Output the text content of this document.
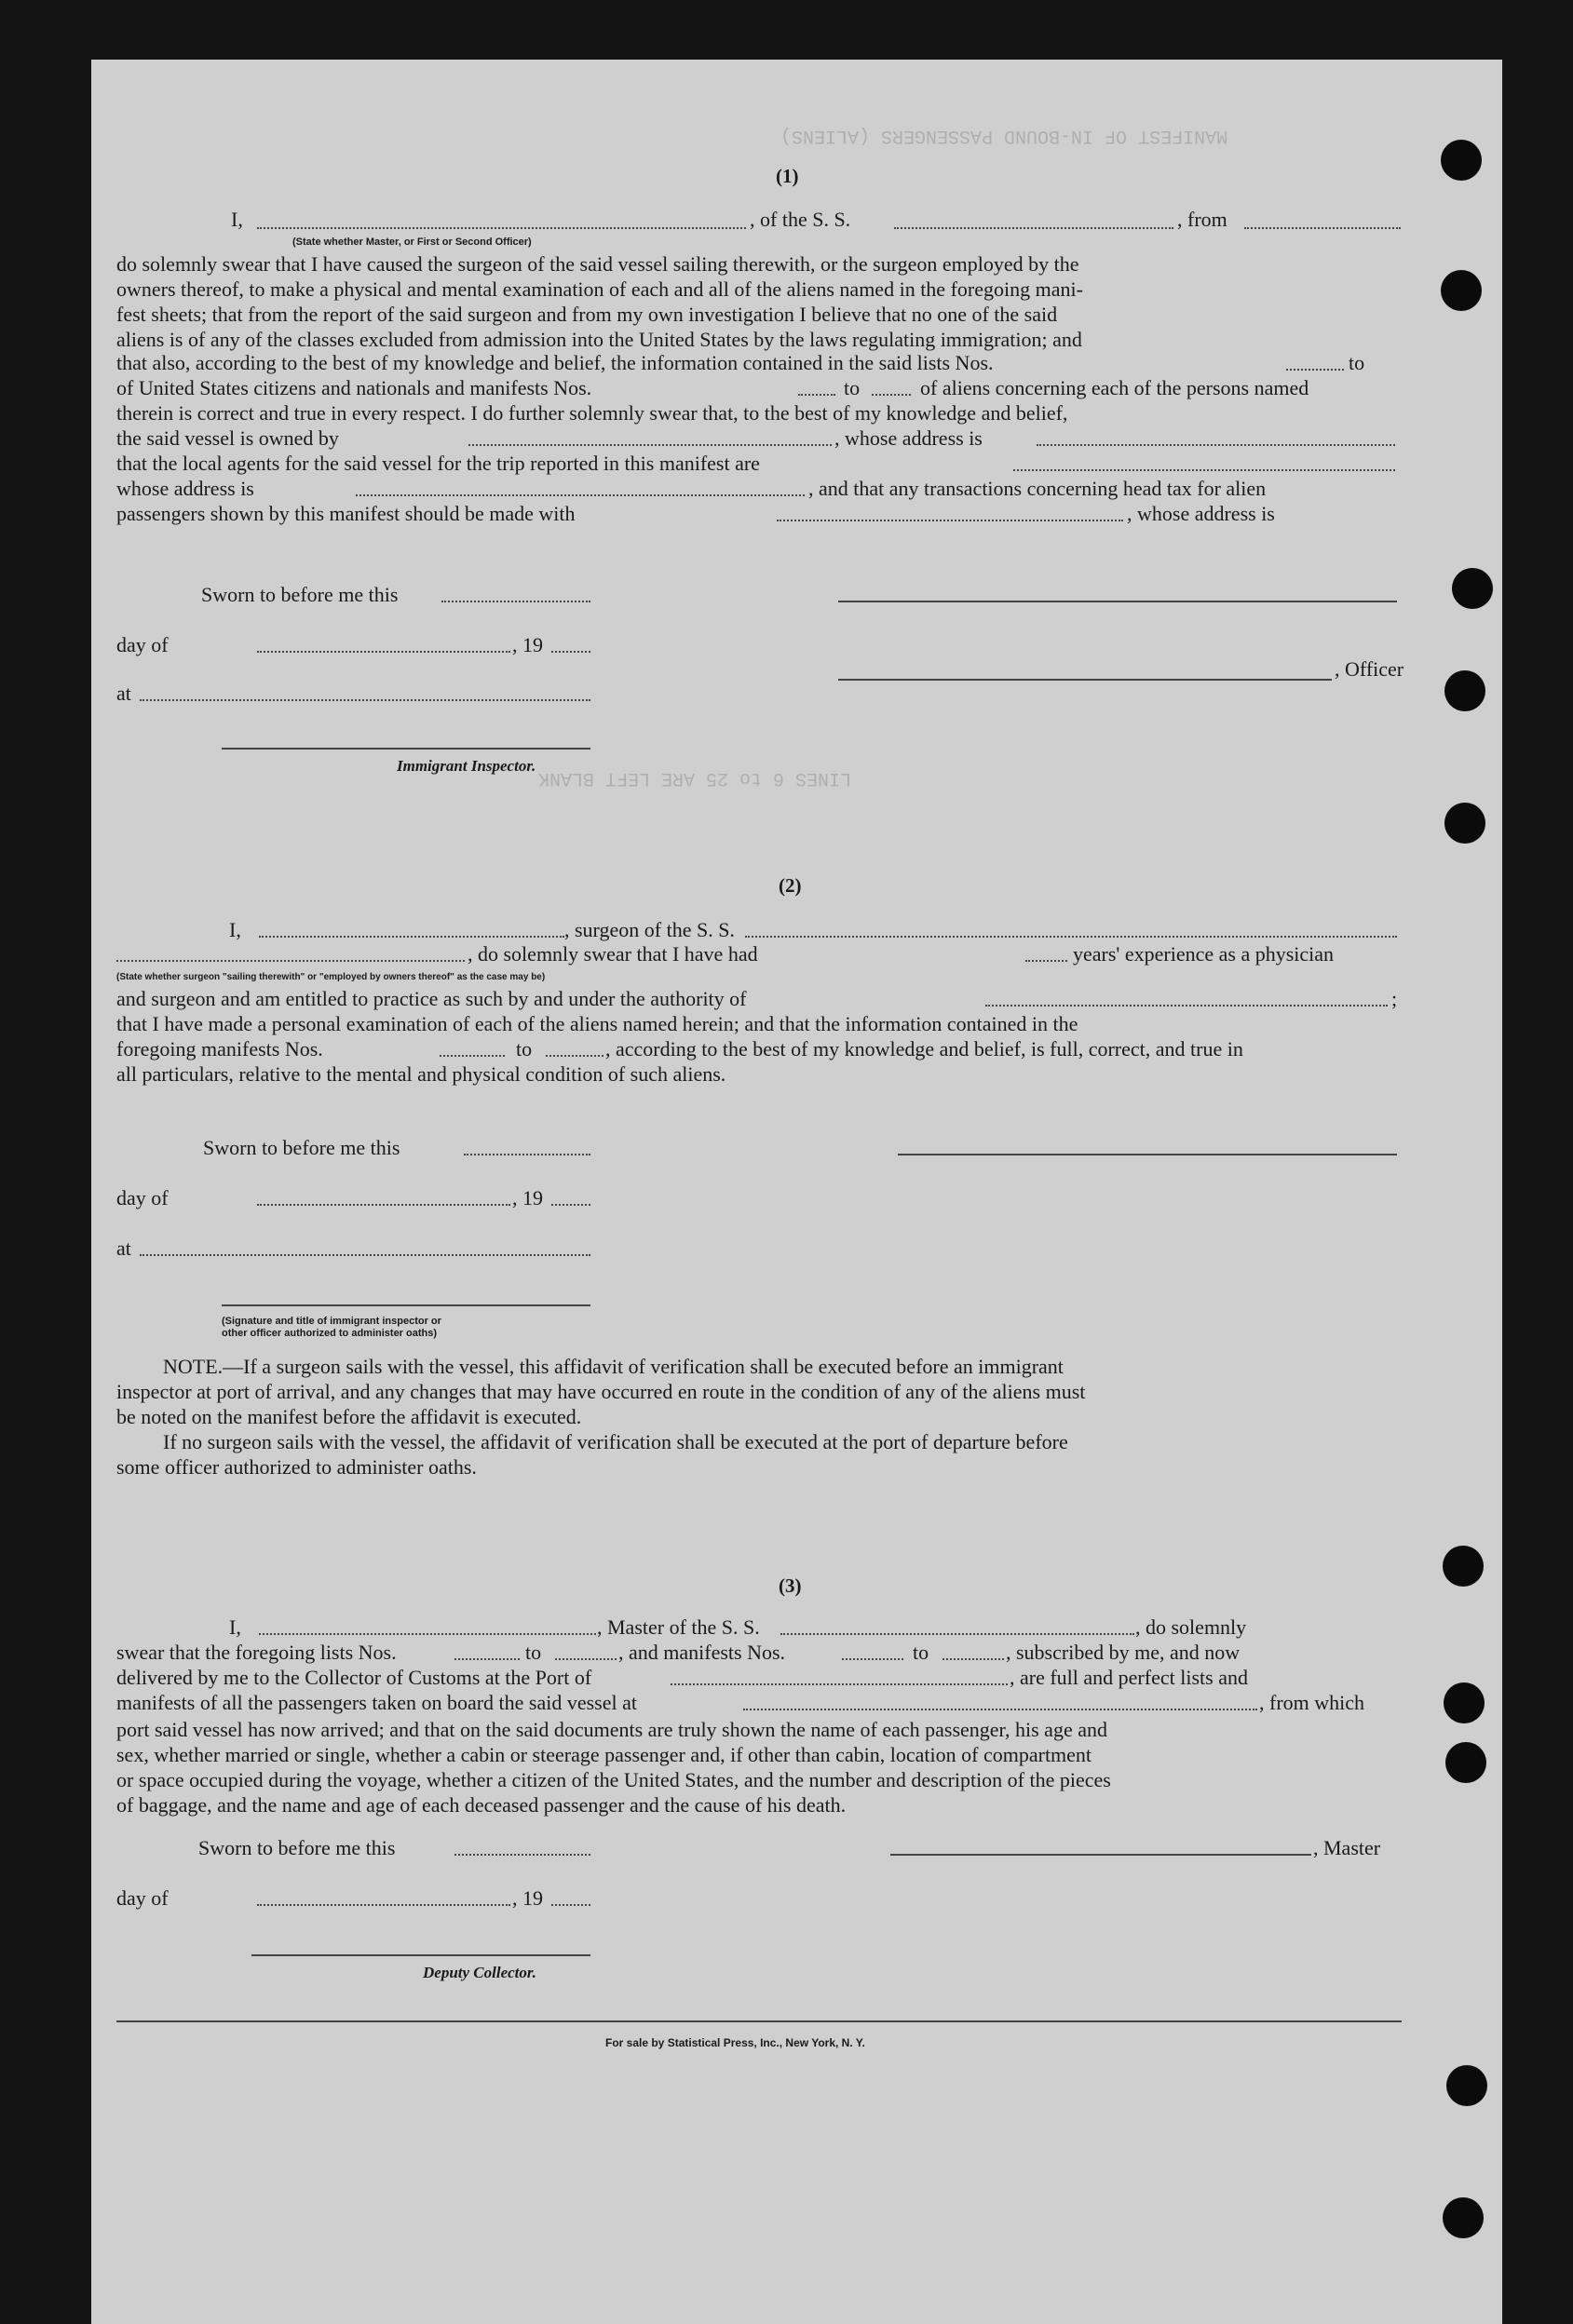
MANIFEST OF IN-BOUND PASSENGERS (ALIENS)
LINES 6 to 25 ARE LEFT BLANK
(1)
I,	, of the S. S.	, from
(State whether Master, or First or Second Officer)
do solemnly swear that I have caused the surgeon of the said vessel sailing therewith, or the surgeon employed by the
owners thereof, to make a physical and mental examination of each and all of the aliens named in the foregoing mani-
fest sheets; that from the report of the said surgeon and from my own investigation I believe that no one of the said
aliens is of any of the classes excluded from admission into the United States by the laws regulating immigration; and
that also, according to the best of my knowledge and belief, the information contained in the said lists Nos.	to
of United States citizens and nationals and manifests Nos.	to	of aliens concerning each of the persons named
therein is correct and true in every respect. I do further solemnly swear that, to the best of my knowledge and belief,
the said vessel is owned by	, whose address is
that the local agents for the said vessel for the trip reported in this manifest are
whose address is	, and that any transactions concerning head tax for alien
passengers shown by this manifest should be made with	, whose address is
Sworn to before me this
day of	, 19
at
Immigrant Inspector.
, Officer
(2)
I,	, surgeon of the S. S.
, do solemnly swear that I have had	years' experience as a physician
(State whether surgeon "sailing therewith" or "employed by owners thereof" as the case may be)
and surgeon and am entitled to practice as such by and under the authority of	;
that I have made a personal examination of each of the aliens named herein; and that the information contained in the
foregoing manifests Nos.	to	, according to the best of my knowledge and belief, is full, correct, and true in
all particulars, relative to the mental and physical condition of such aliens.
Sworn to before me this
day of	, 19
at
(Signature and title of immigrant inspector or
other officer authorized to administer oaths)
NOTE.—If a surgeon sails with the vessel, this affidavit of verification shall be executed before an immigrant
inspector at port of arrival, and any changes that may have occurred en route in the condition of any of the aliens must
be noted on the manifest before the affidavit is executed.
If no surgeon sails with the vessel, the affidavit of verification shall be executed at the port of departure before
some officer authorized to administer oaths.
(3)
I,	, Master of the S. S.	, do solemnly
swear that the foregoing lists Nos.	to	, and manifests Nos.	to	, subscribed by me, and now
delivered by me to the Collector of Customs at the Port of	, are full and perfect lists and
manifests of all the passengers taken on board the said vessel at	, from which
port said vessel has now arrived; and that on the said documents are truly shown the name of each passenger, his age and
sex, whether married or single, whether a cabin or steerage passenger and, if other than cabin, location of compartment
or space occupied during the voyage, whether a citizen of the United States, and the number and description of the pieces
of baggage, and the name and age of each deceased passenger and the cause of his death.
Sworn to before me this	, Master
day of	, 19
Deputy Collector.
For sale by Statistical Press, Inc., New York, N. Y.
